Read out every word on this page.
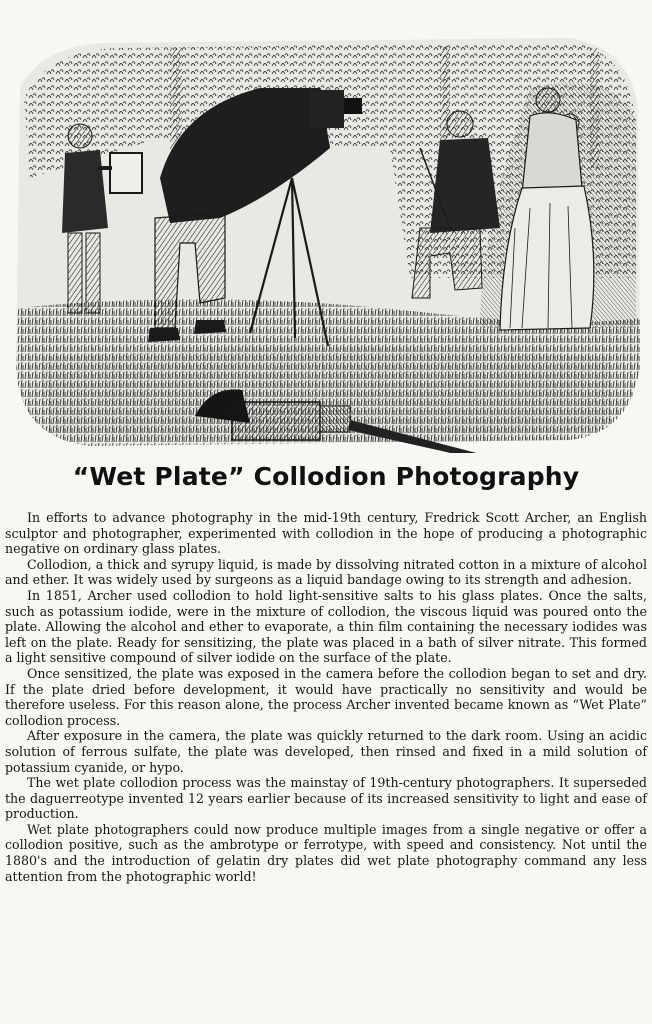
“Wet Plate” Collodion Photography

In efforts to advance photography in the mid-19th century, Fredrick Scott Archer, an English sculptor and photographer, experimented with collodion in the hope of producing a photographic negative on ordinary glass plates.

Collodion, a thick and syrupy liquid, is made by dissolving nitrated cotton in a mixture of alcohol and ether. It was widely used by surgeons as a liquid bandage owing to its strength and adhesion.

In 1851, Archer used collodion to hold light-sensitive salts to his glass plates. Once the salts, such as potassium iodide, were in the mixture of collodion, the viscous liquid was poured onto the plate. Allowing the alcohol and ether to evaporate, a thin film containing the necessary iodides was left on the plate. Ready for sensitizing, the plate was placed in a bath of silver nitrate. This formed a light sensitive compound of silver iodide on the surface of the plate.

Once sensitized, the plate was exposed in the camera before the collodion began to set and dry. If the plate dried before development, it would have practically no sensitivity and would be therefore useless. For this reason alone, the process Archer invented became known as “Wet Plate” collodion process.

After exposure in the camera, the plate was quickly returned to the dark room. Using an acidic solution of ferrous sulfate, the plate was developed, then rinsed and fixed in a mild solution of potassium cyanide, or hypo.

The wet plate collodion process was the mainstay of 19th-century photographers. It superseded the daguerreotype invented 12 years earlier because of its increased sensitivity to light and ease of production.

Wet plate photographers could now produce multiple images from a single negative or offer a collodion positive, such as the ambrotype or ferrotype, with speed and consistency. Not until the 1880's and the introduction of gelatin dry plates did wet plate photography command any less attention from the photographic world!
